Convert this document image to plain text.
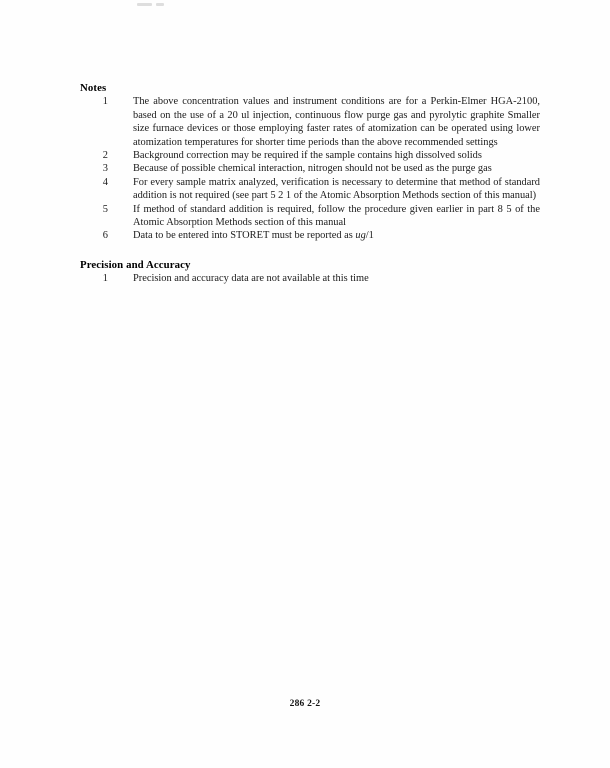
Notes
1 The above concentration values and instrument conditions are for a Perkin-Elmer HGA-2100, based on the use of a 20 ul injection, continuous flow purge gas and pyrolytic graphite Smaller size furnace devices or those employing faster rates of atomization can be operated using lower atomization temperatures for shorter time periods than the above recommended settings
2 Background correction may be required if the sample contains high dissolved solids
3 Because of possible chemical interaction, nitrogen should not be used as the purge gas
4 For every sample matrix analyzed, verification is necessary to determine that method of standard addition is not required (see part 5 2 1 of the Atomic Absorption Methods section of this manual)
5 If method of standard addition is required, follow the procedure given earlier in part 8 5 of the Atomic Absorption Methods section of this manual
6 Data to be entered into STORET must be reported as ug/1
Precision and Accuracy
1 Precision and accuracy data are not available at this time
286 2-2
